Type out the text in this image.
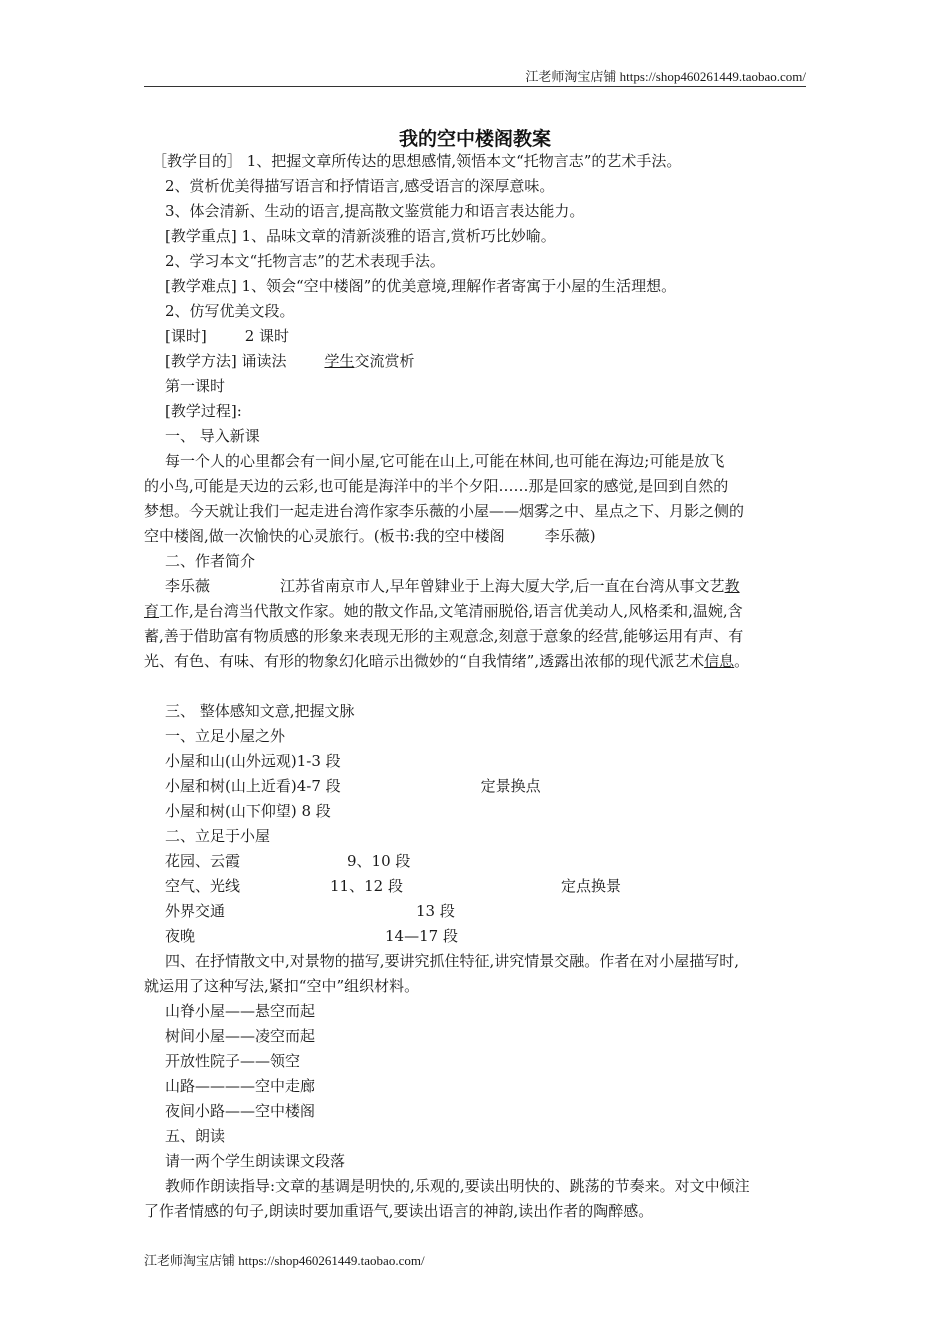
江老师淘宝店铺 https://shop460261449.taobao.com/
我的空中楼阁教案
［教学目的］ 1、把握文章所传达的思想感情,领悟本文“托物言志”的艺术手法。
2、赏析优美得描写语言和抒情语言,感受语言的深厚意味。
3、体会清新、生动的语言,提高散文鉴赏能力和语言表达能力。
[教学重点] 1、品味文章的清新淡雅的语言,赏析巧比妙喻。
2、学习本文“托物言志”的艺术表现手法。
[教学难点] 1、领会“空中楼阁”的优美意境,理解作者寄寓于小屋的生活理想。
2、仿写优美文段。
[课时]	2 课时
[教学方法] 诵读法	学生交流赏析
第一课时
[教学过程]:
一、 导入新课
每一个人的心里都会有一间小屋,它可能在山上,可能在林间,也可能在海边;可能是放飞
的小鸟,可能是天边的云彩,也可能是海洋中的半个夕阳……那是回家的感觉,是回到自然的
梦想。今天就让我们一起走进台湾作家李乐薇的小屋——烟雾之中、星点之下、月影之侧的
空中楼阁,做一次愉快的心灵旅行。(板书:我的空中楼阁	李乐薇)
二、作者简介
李乐薇	江苏省南京市人,早年曾肄业于上海大厦大学,后一直在台湾从事文艺教
育工作,是台湾当代散文作家。她的散文作品,文笔清丽脱俗,语言优美动人,风格柔和,温婉,含
蓄,善于借助富有物质感的形象来表现无形的主观意念,刻意于意象的经营,能够运用有声、有
光、有色、有味、有形的物象幻化暗示出微妙的“自我情绪”,透露出浓郁的现代派艺术信息。
三、 整体感知文意,把握文脉
一、立足小屋之外
小屋和山(山外远观)1-3 段
小屋和树(山上近看)4-7 段	定景换点
小屋和树(山下仰望) 8 段
二、立足于小屋
花园、云霞	9、10 段
空气、光线	11、12 段	定点换景
外界交通	13 段
夜晚	14—17 段
四、在抒情散文中,对景物的描写,要讲究抓住特征,讲究情景交融。作者在对小屋描写时,
就运用了这种写法,紧扣“空中”组织材料。
山脊小屋——悬空而起
树间小屋——凌空而起
开放性院子——领空
山路————空中走廊
夜间小路——空中楼阁
五、朗读
请一两个学生朗读课文段落
教师作朗读指导:文章的基调是明快的,乐观的,要读出明快的、跳荡的节奏来。对文中倾注
了作者情感的句子,朗读时要加重语气,要读出语言的神韵,读出作者的陶醉感。
江老师淘宝店铺 https://shop460261449.taobao.com/
